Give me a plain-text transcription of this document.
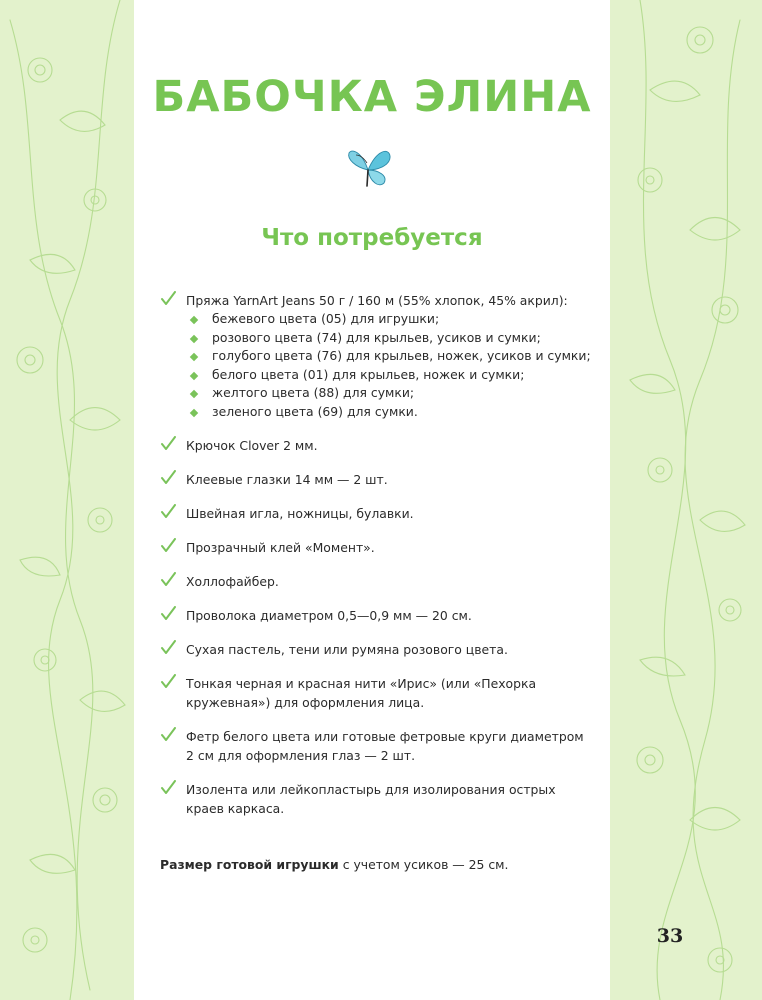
БАБОЧКА ЭЛИНА
Что потребуется
Пряжа YarnArt Jeans 50 г / 160 м (55% хлопок, 45% акрил):
бежевого цвета (05) для игрушки;
розового цвета (74) для крыльев, усиков и сумки;
голубого цвета (76) для крыльев, ножек, усиков и сумки;
белого цвета (01) для крыльев, ножек и сумки;
желтого цвета (88) для сумки;
зеленого цвета (69) для сумки.
Крючок Clover 2 мм.
Клеевые глазки 14 мм — 2 шт.
Швейная игла, ножницы, булавки.
Прозрачный клей «Момент».
Холлофайбер.
Проволока диаметром 0,5—0,9 мм — 20 см.
Сухая пастель, тени или румяна розового цвета.
Тонкая черная и красная нити «Ирис» (или «Пехорка кружевная») для оформления лица.
Фетр белого цвета или готовые фетровые круги диаметром 2 см для оформления глаз — 2 шт.
Изолента или лейкопластырь для изолирования острых краев каркаса.
Размер готовой игрушки с учетом усиков — 25 см.
33
